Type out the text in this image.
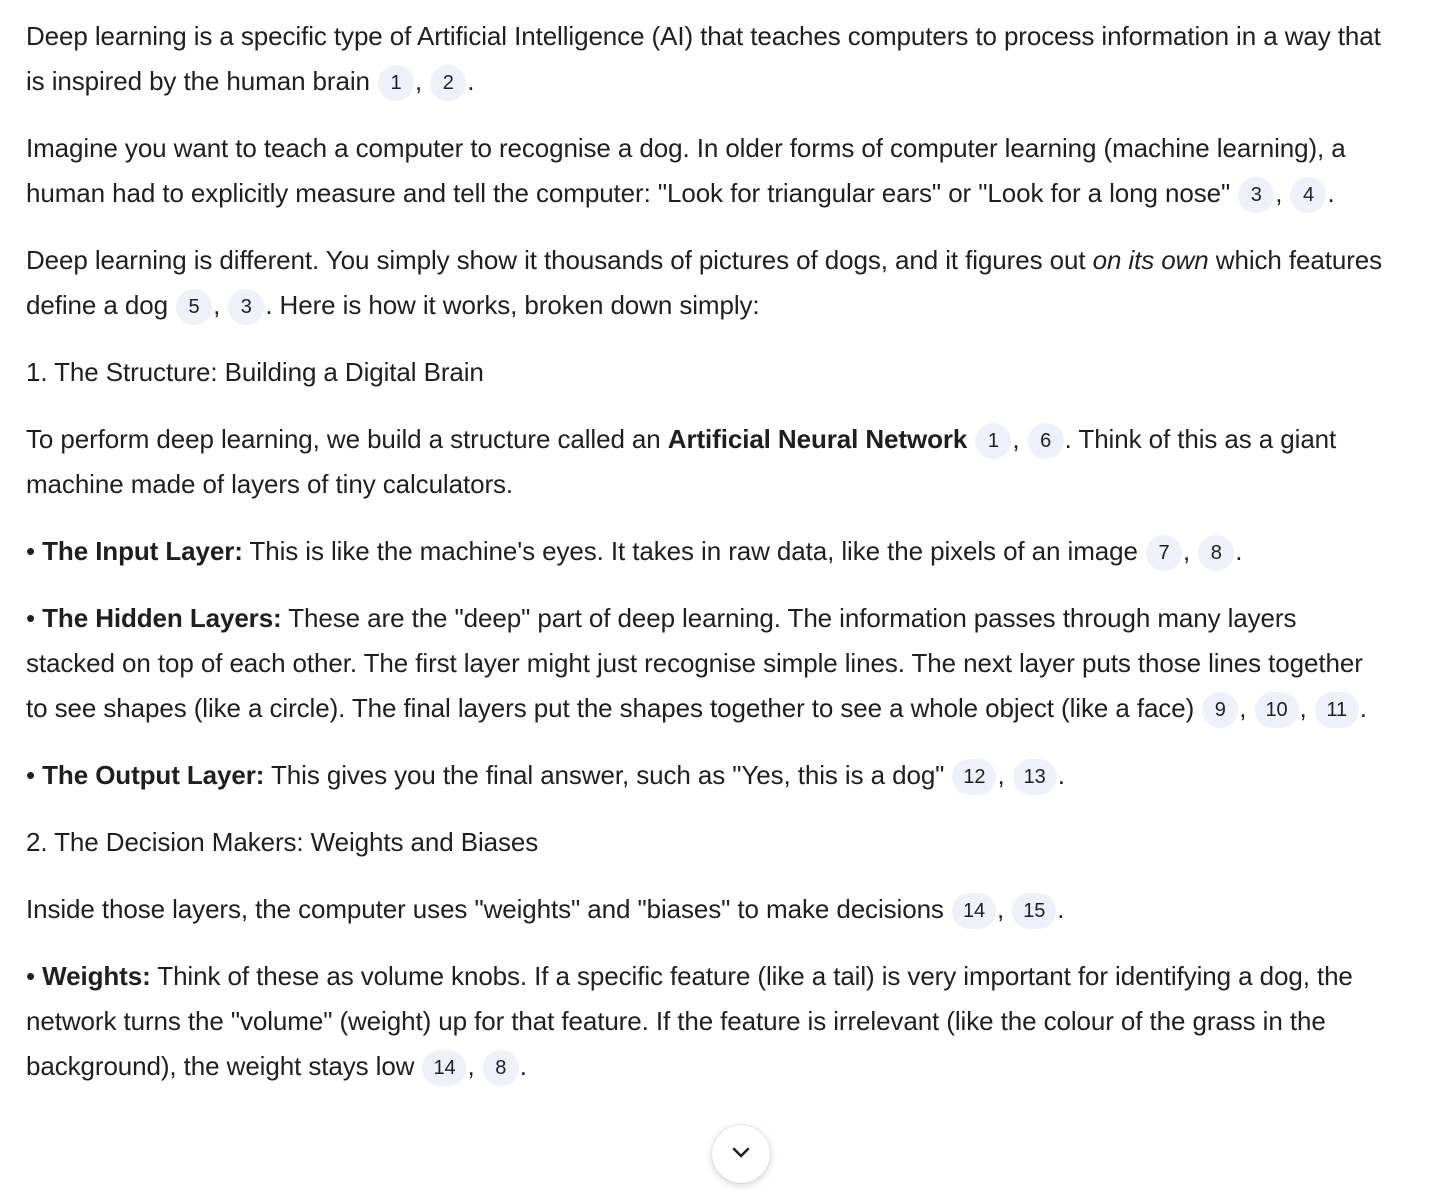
Deep learning is a specific type of Artificial Intelligence (AI) that teaches computers to process information in a way that is inspired by the human brain 1 , 2 .

Imagine you want to teach a computer to recognise a dog. In older forms of computer learning (machine learning), a human had to explicitly measure and tell the computer: "Look for triangular ears" or "Look for a long nose" 3 , 4 .

Deep learning is different. You simply show it thousands of pictures of dogs, and it figures out on its own which features define a dog 5 , 3 . Here is how it works, broken down simply:

1. The Structure: Building a Digital Brain

To perform deep learning, we build a structure called an Artificial Neural Network 1 , 6 . Think of this as a giant machine made of layers of tiny calculators.

• The Input Layer: This is like the machine's eyes. It takes in raw data, like the pixels of an image 7 , 8 .

• The Hidden Layers: These are the "deep" part of deep learning. The information passes through many layers stacked on top of each other. The first layer might just recognise simple lines. The next layer puts those lines together to see shapes (like a circle). The final layers put the shapes together to see a whole object (like a face) 9 , 10 , 11 .

• The Output Layer: This gives you the final answer, such as "Yes, this is a dog" 12 , 13 .

2. The Decision Makers: Weights and Biases

Inside those layers, the computer uses "weights" and "biases" to make decisions 14 , 15 .

• Weights: Think of these as volume knobs. If a specific feature (like a tail) is very important for identifying a dog, the network turns the "volume" (weight) up for that feature. If the feature is irrelevant (like the colour of the grass in the background), the weight stays low 14 , 8 .
